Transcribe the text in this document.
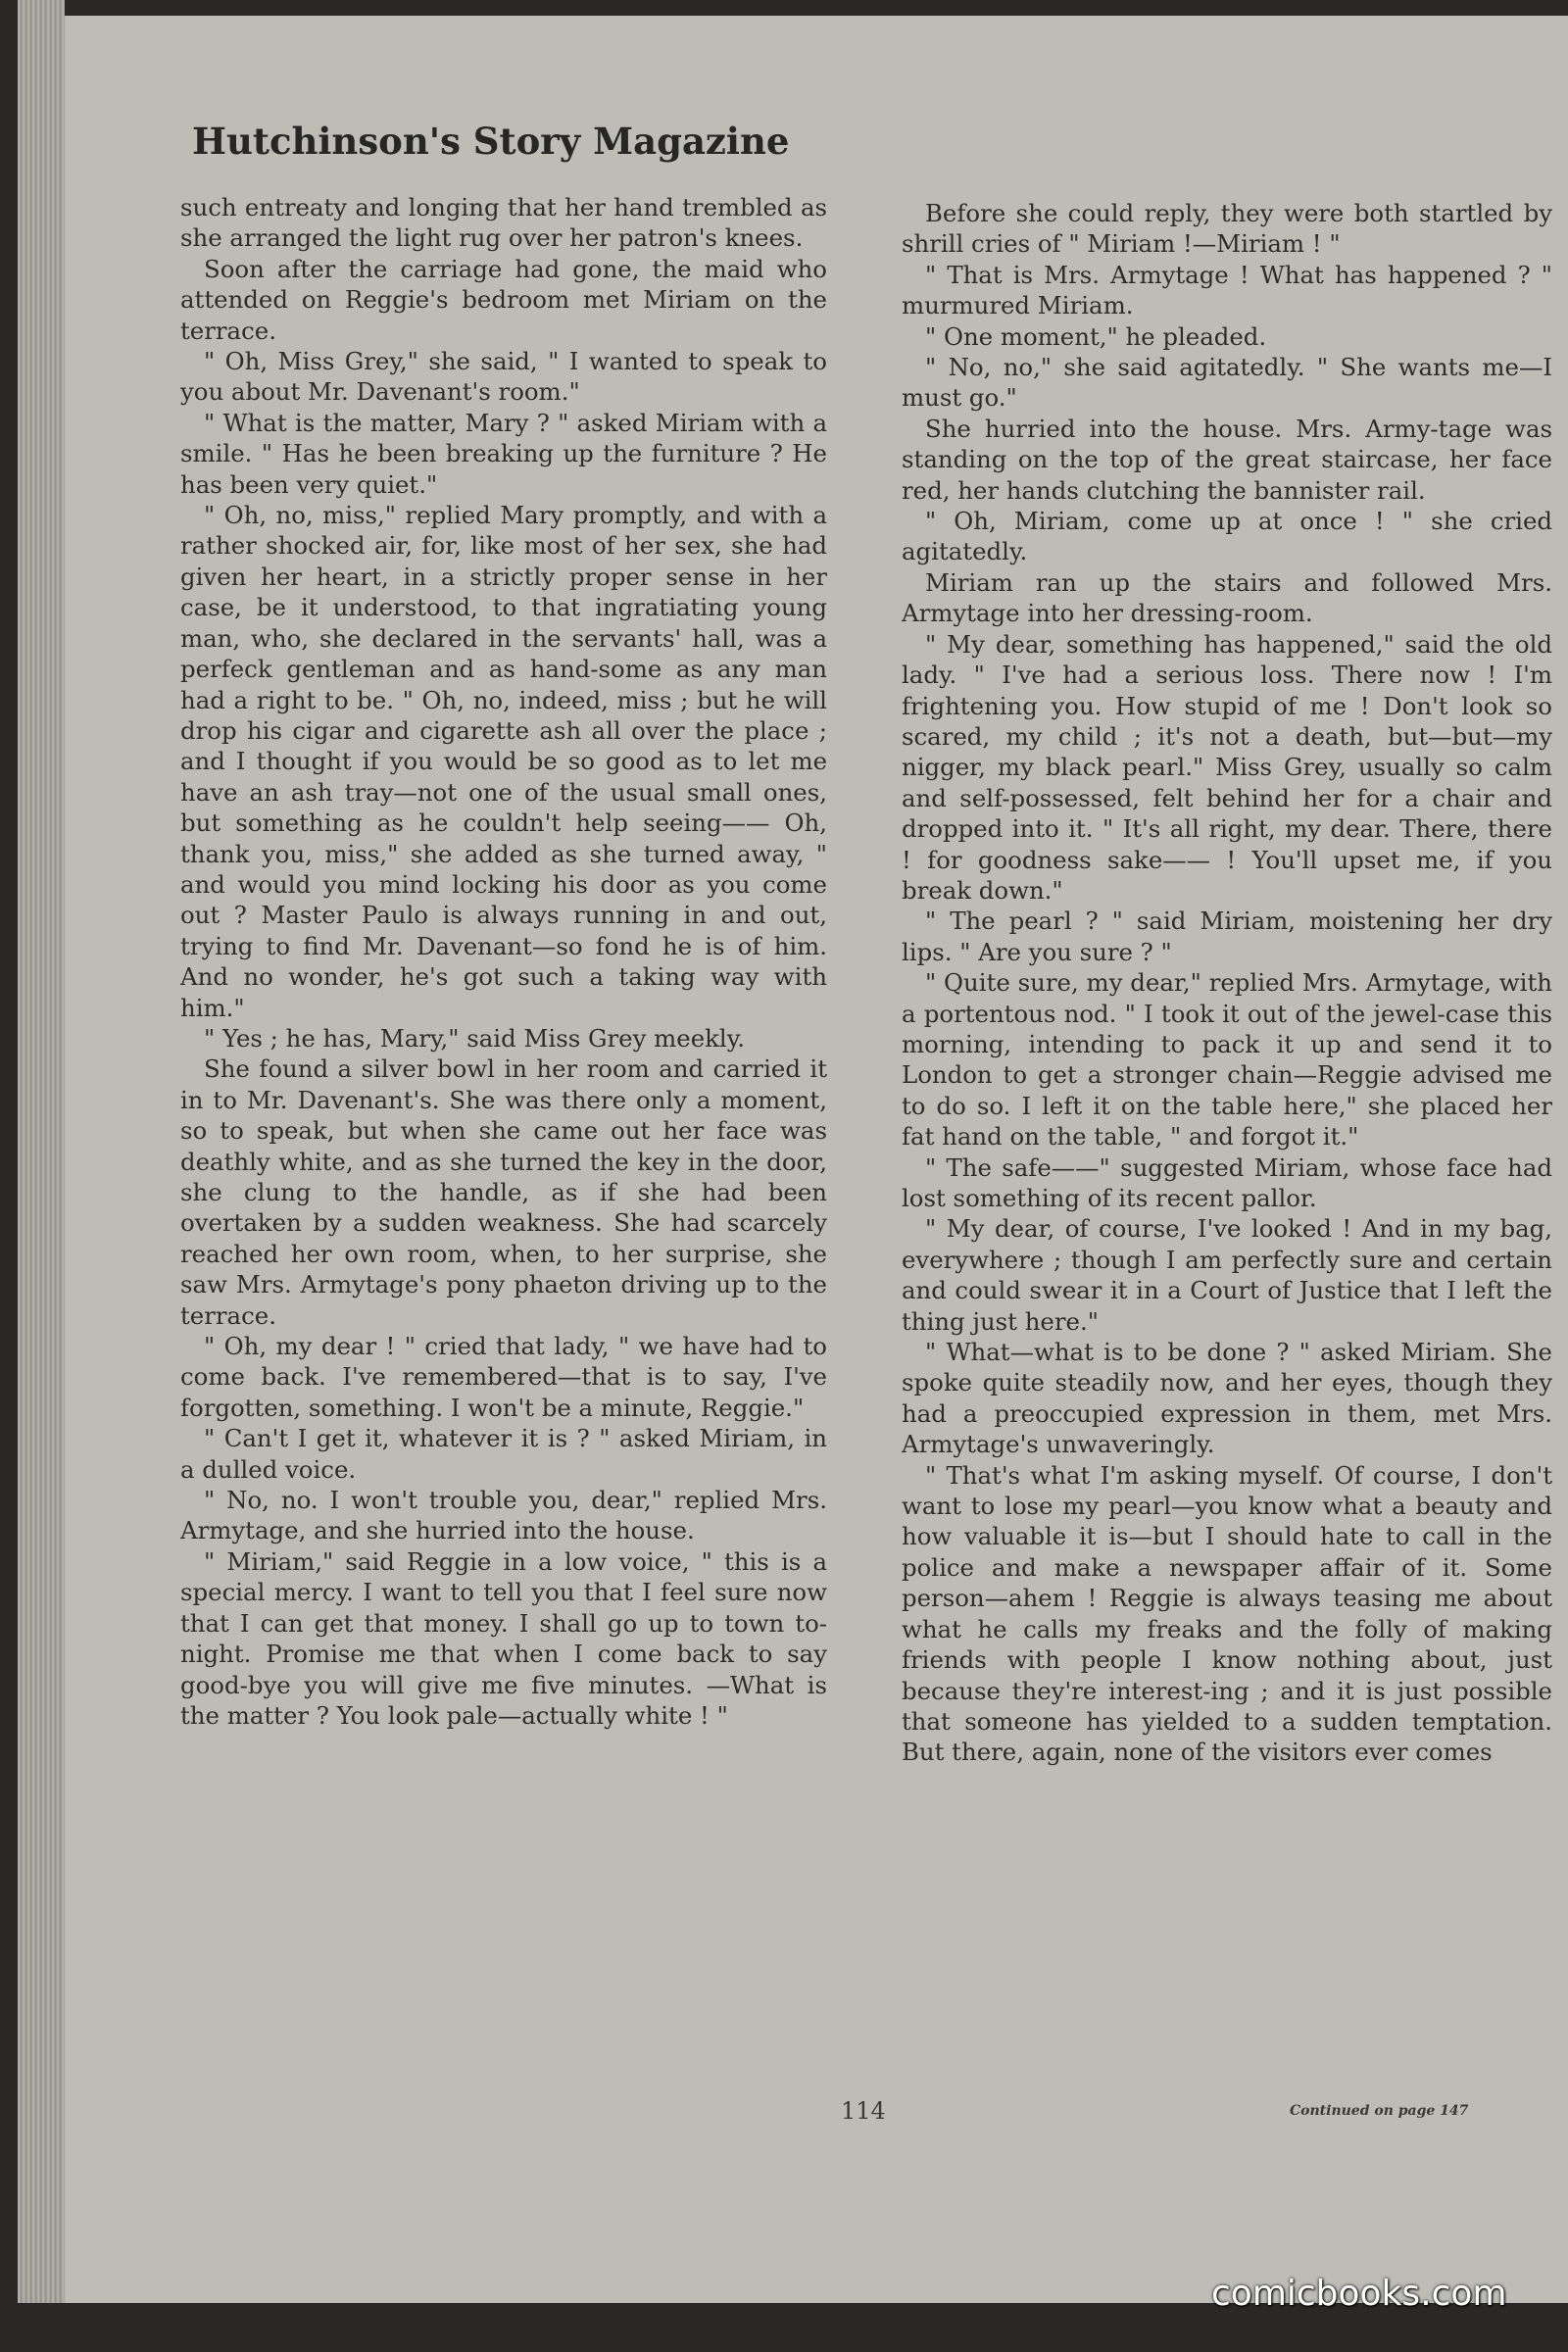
Hutchinson's Story Magazine

such entreaty and longing that her hand trembled as she arranged the light rug over her patron's knees.

Soon after the carriage had gone, the maid who attended on Reggie's bedroom met Miriam on the terrace.

" Oh, Miss Grey," she said, " I wanted to speak to you about Mr. Davenant's room."

" What is the matter, Mary ? " asked Miriam with a smile. " Has he been breaking up the furniture ? He has been very quiet."

" Oh, no, miss," replied Mary promptly, and with a rather shocked air, for, like most of her sex, she had given her heart, in a strictly proper sense in her case, be it understood, to that ingratiating young man, who, she declared in the servants' hall, was a perfeck gentleman and as hand-some as any man had a right to be. " Oh, no, indeed, miss ; but he will drop his cigar and cigarette ash all over the place ; and I thought if you would be so good as to let me have an ash tray—not one of the usual small ones, but something as he couldn't help seeing—— Oh, thank you, miss," she added as she turned away, " and would you mind locking his door as you come out ? Master Paulo is always running in and out, trying to find Mr. Davenant—so fond he is of him. And no wonder, he's got such a taking way with him."

" Yes ; he has, Mary," said Miss Grey meekly.

She found a silver bowl in her room and carried it in to Mr. Davenant's. She was there only a moment, so to speak, but when she came out her face was deathly white, and as she turned the key in the door, she clung to the handle, as if she had been overtaken by a sudden weakness. She had scarcely reached her own room, when, to her surprise, she saw Mrs. Armytage's pony phaeton driving up to the terrace.

" Oh, my dear ! " cried that lady, " we have had to come back. I've remembered—that is to say, I've forgotten, something. I won't be a minute, Reggie."

" Can't I get it, whatever it is ? " asked Miriam, in a dulled voice.

" No, no. I won't trouble you, dear," replied Mrs. Armytage, and she hurried into the house.

" Miriam," said Reggie in a low voice, " this is a special mercy. I want to tell you that I feel sure now that I can get that money. I shall go up to town to-night. Promise me that when I come back to say good-bye you will give me five minutes. —What is the matter ? You look pale—actually white ! "

Before she could reply, they were both startled by shrill cries of " Miriam !—Miriam ! "

" That is Mrs. Armytage ! What has happened ? " murmured Miriam.

" One moment," he pleaded.

" No, no," she said agitatedly. " She wants me—I must go."

She hurried into the house. Mrs. Army-tage was standing on the top of the great staircase, her face red, her hands clutching the bannister rail.

" Oh, Miriam, come up at once ! " she cried agitatedly.

Miriam ran up the stairs and followed Mrs. Armytage into her dressing-room.

" My dear, something has happened," said the old lady. " I've had a serious loss. There now ! I'm frightening you. How stupid of me ! Don't look so scared, my child ; it's not a death, but—but—my nigger, my black pearl." Miss Grey, usually so calm and self-possessed, felt behind her for a chair and dropped into it. " It's all right, my dear. There, there ! for goodness sake—— ! You'll upset me, if you break down."

" The pearl ? " said Miriam, moistening her dry lips. " Are you sure ? "

" Quite sure, my dear," replied Mrs. Armytage, with a portentous nod. " I took it out of the jewel-case this morning, intending to pack it up and send it to London to get a stronger chain—Reggie advised me to do so. I left it on the table here," she placed her fat hand on the table, " and forgot it."

" The safe——" suggested Miriam, whose face had lost something of its recent pallor.

" My dear, of course, I've looked ! And in my bag, everywhere ; though I am perfectly sure and certain and could swear it in a Court of Justice that I left the thing just here."

" What—what is to be done ? " asked Miriam. She spoke quite steadily now, and her eyes, though they had a preoccupied expression in them, met Mrs. Armytage's unwaveringly.

" That's what I'm asking myself. Of course, I don't want to lose my pearl—you know what a beauty and how valuable it is—but I should hate to call in the police and make a newspaper affair of it. Some person—ahem ! Reggie is always teasing me about what he calls my freaks and the folly of making friends with people I know nothing about, just because they're interest-ing ; and it is just possible that someone has yielded to a sudden temptation. But there, again, none of the visitors ever comes

114	Continued on page 147

comicbooks.com
